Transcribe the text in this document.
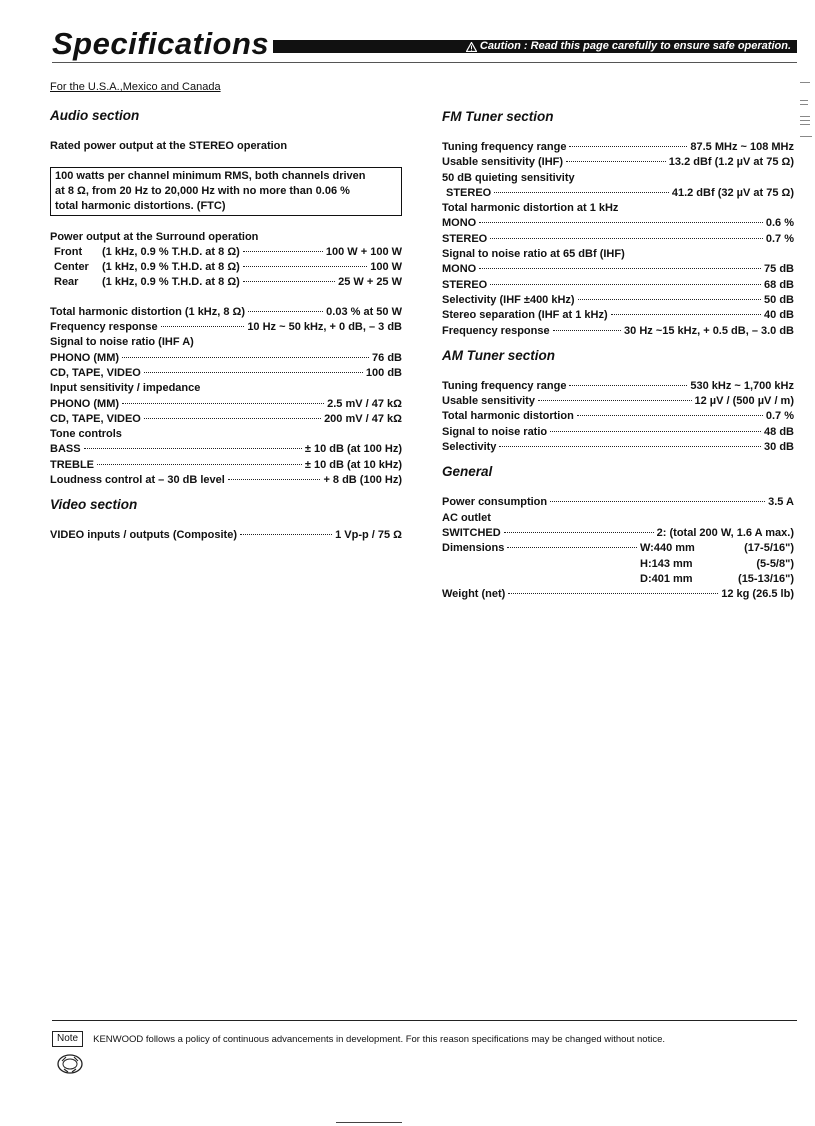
Specifications	Caution : Read this page carefully to ensure safe operation.
For the U.S.A.,Mexico and Canada
Audio section
Rated power output at the STEREO operation
100 watts per channel minimum RMS, both channels driven
at 8 Ω, from 20 Hz to 20,000 Hz with no more than 0.06 %
total harmonic distortions. (FTC)
Power output at the Surround operation
Front	(1 kHz, 0.9 % T.H.D. at 8 Ω)	100 W + 100 W
Center	(1 kHz, 0.9 % T.H.D. at 8 Ω)	100 W
Rear	(1 kHz, 0.9 % T.H.D. at 8 Ω)	25 W + 25 W
Total harmonic distortion (1 kHz, 8 Ω)	0.03 % at 50 W
Frequency response	10 Hz ~ 50 kHz, + 0 dB, – 3 dB
Signal to noise ratio (IHF A)
PHONO (MM)	76 dB
CD, TAPE, VIDEO	100 dB
Input sensitivity / impedance
PHONO (MM)	2.5 mV / 47 kΩ
CD, TAPE, VIDEO	200 mV / 47 kΩ
Tone controls
BASS	± 10 dB (at 100 Hz)
TREBLE	± 10 dB (at 10 kHz)
Loudness control at – 30 dB level	+ 8 dB (100 Hz)
Video section
VIDEO inputs / outputs (Composite)	1 Vp-p / 75 Ω
FM Tuner section
Tuning frequency range	87.5 MHz ~ 108 MHz
Usable sensitivity (IHF)	13.2 dBf (1.2 µV at 75 Ω)
50 dB quieting sensitivity
STEREO	41.2 dBf (32 µV at 75 Ω)
Total harmonic distortion at 1 kHz
MONO	0.6 %
STEREO	0.7 %
Signal to noise ratio at 65 dBf (IHF)
MONO	75 dB
STEREO	68 dB
Selectivity (IHF ±400 kHz)	50 dB
Stereo separation (IHF at 1 kHz)	40 dB
Frequency response	30 Hz ~15 kHz, + 0.5 dB, – 3.0 dB
AM Tuner section
Tuning frequency range	530 kHz ~ 1,700 kHz
Usable sensitivity	12 µV / (500 µV / m)
Total harmonic distortion	0.7 %
Signal to noise ratio	48 dB
Selectivity	30 dB
General
Power consumption	3.5 A
AC outlet
SWITCHED	2: (total 200 W, 1.6 A max.)
Dimensions	W:440 mm	(17-5/16")
H:143 mm	(5-5/8")
D:401 mm	(15-13/16")
Weight (net)	12 kg (26.5 lb)
Note	KENWOOD follows a policy of continuous advancements in development. For this reason specifications may be changed without notice.
